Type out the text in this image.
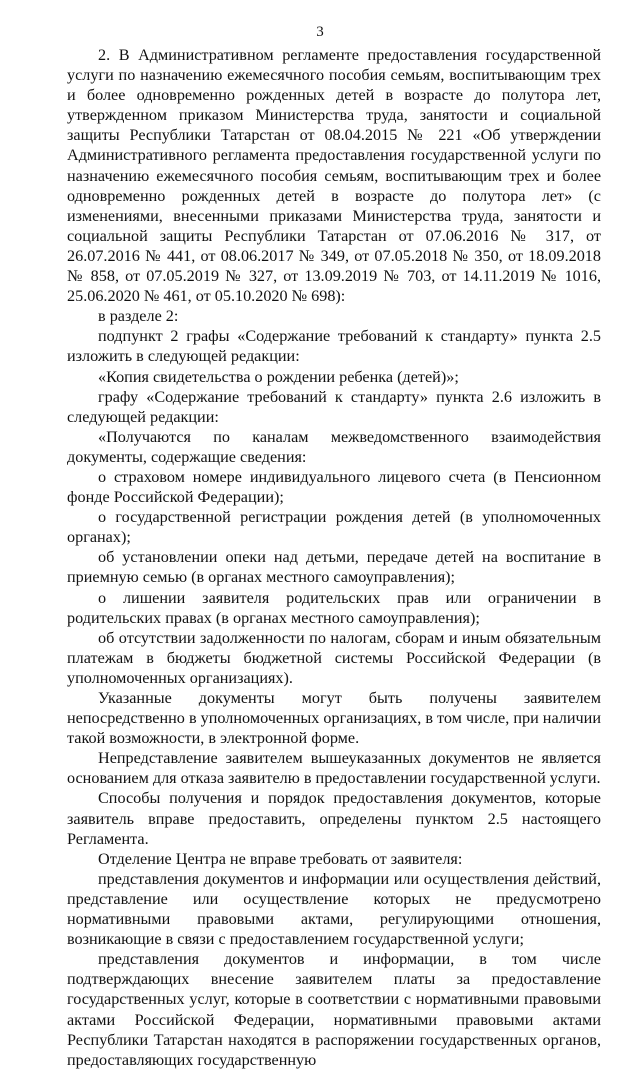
3

2. В Административном регламенте предоставления государственной услуги по назначению ежемесячного пособия семьям, воспитывающим трех и более одновременно рожденных детей в возрасте до полутора лет, утвержденном приказом Министерства труда, занятости и социальной защиты Республики Татарстан от 08.04.2015 № 221 «Об утверждении Административного регламента предоставления государственной услуги по назначению ежемесячного пособия семьям, воспитывающим трех и более одновременно рожденных детей в возрасте до полутора лет» (с изменениями, внесенными приказами Министерства труда, занятости и социальной защиты Республики Татарстан от 07.06.2016 № 317, от 26.07.2016 № 441, от 08.06.2017 № 349, от 07.05.2018 № 350, от 18.09.2018 № 858, от 07.05.2019 № 327, от 13.09.2019 № 703, от 14.11.2019 № 1016, 25.06.2020 № 461, от 05.10.2020 № 698):

в разделе 2:

подпункт 2 графы «Содержание требований к стандарту» пункта 2.5 изложить в следующей редакции:

«Копия свидетельства о рождении ребенка (детей)»;

графу «Содержание требований к стандарту» пункта 2.6 изложить в следующей редакции:

«Получаются по каналам межведомственного взаимодействия документы, содержащие сведения:

о страховом номере индивидуального лицевого счета (в Пенсионном фонде Российской Федерации);

о государственной регистрации рождения детей (в уполномоченных органах);

об установлении опеки над детьми, передаче детей на воспитание в приемную семью (в органах местного самоуправления);

о лишении заявителя родительских прав или ограничении в родительских правах (в органах местного самоуправления);

об отсутствии задолженности по налогам, сборам и иным обязательным платежам в бюджеты бюджетной системы Российской Федерации (в уполномоченных организациях).

Указанные документы могут быть получены заявителем непосредственно в уполномоченных организациях, в том числе, при наличии такой возможности, в электронной форме.

Непредставление заявителем вышеуказанных документов не является основанием для отказа заявителю в предоставлении государственной услуги.

Способы получения и порядок предоставления документов, которые заявитель вправе предоставить, определены пунктом 2.5 настоящего Регламента.

Отделение Центра не вправе требовать от заявителя:

представления документов и информации или осуществления действий, представление или осуществление которых не предусмотрено нормативными правовыми актами, регулирующими отношения, возникающие в связи с предоставлением государственной услуги;

представления документов и информации, в том числе подтверждающих внесение заявителем платы за предоставление государственных услуг, которые в соответствии с нормативными правовыми актами Российской Федерации, нормативными правовыми актами Республики Татарстан находятся в распоряжении государственных органов, предоставляющих государственную
